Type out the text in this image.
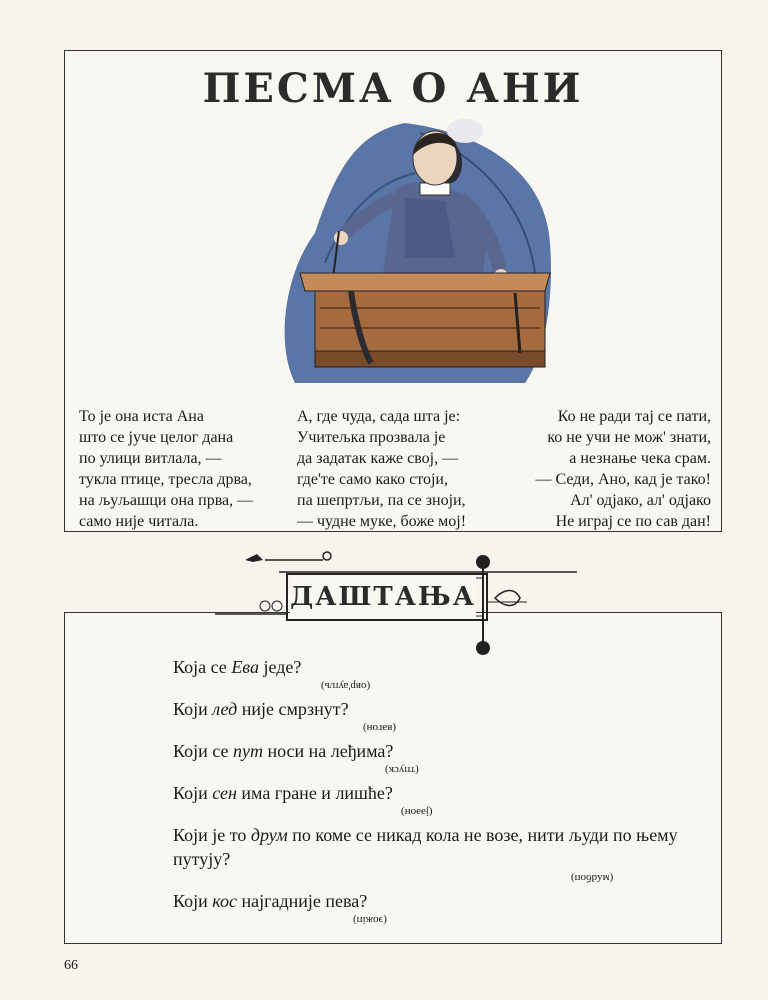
ПЕСМА О АНИ
То је она иста Ана
што се јуче целог дана
по улици витлала, —
тукла птице, тресла дрва,
на љуљашци она прва, —
само није читала.
А, где чуда, сада шта је:
Учитељка прозвала је
да задатак каже свој, —
где'те само како стоји,
па шепртљи, па се зноји,
— чудне муке, боже мој!
Ко не ради тај се пати,
ко не учи не мож' знати,
а незнање чека срам.
— Седи, Ано, кад је тако!
Ал' одјако, ал' одјако
Не играј се по сав дан!
Која се Ева једе?
(овр'аупљ)
Који лед није смрзнут?
(вәгон)
Који се пут носи на леђима?
(тпуск)
Који сен има гране и лишће?
(јәәон)
Који је то друм по коме се никад кола не возе, нити људи по њему путују?
(мʎdбоп)
Који кос најгадније пева?
(эожіп)
ДАШТАЊА
66
